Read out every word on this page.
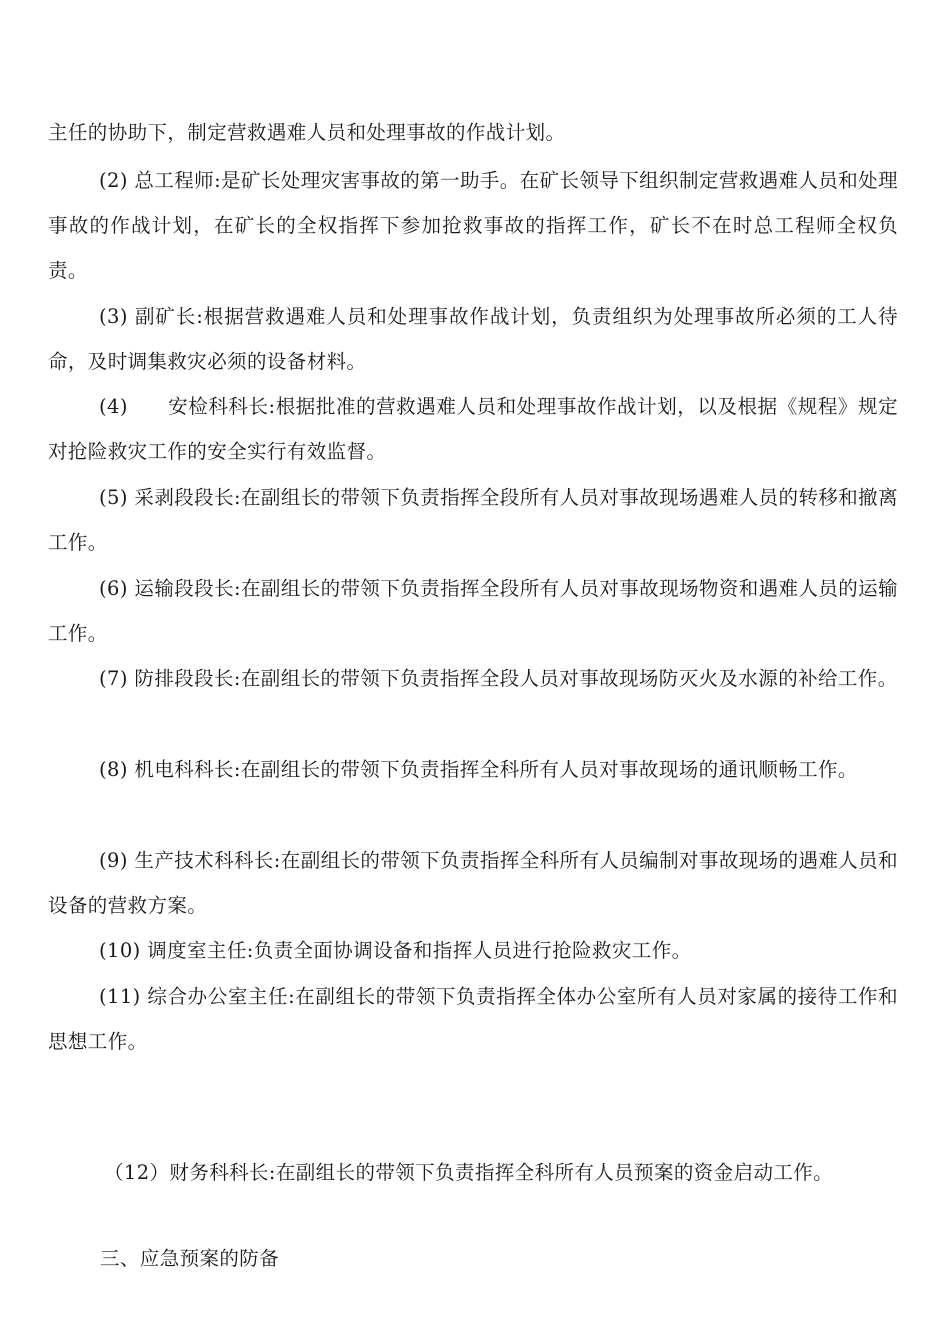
主任的协助下，制定营救遇难人员和处理事故的作战计划。

(2) 总工程师:是矿长处理灾害事故的第一助手。在矿长领导下组织制定营救遇难人员和处理事故的作战计划，在矿长的全权指挥下参加抢救事故的指挥工作，矿长不在时总工程师全权负责。

(3) 副矿长:根据营救遇难人员和处理事故作战计划，负责组织为处理事故所必须的工人待命，及时调集救灾必须的设备材料。

(4)　　安检科科长:根据批准的营救遇难人员和处理事故作战计划，以及根据《规程》规定对抢险救灾工作的安全实行有效监督。

(5) 采剥段段长:在副组长的带领下负责指挥全段所有人员对事故现场遇难人员的转移和撤离工作。

(6) 运输段段长:在副组长的带领下负责指挥全段所有人员对事故现场物资和遇难人员的运输工作。

(7) 防排段段长:在副组长的带领下负责指挥全段人员对事故现场防灭火及水源的补给工作。

(8) 机电科科长:在副组长的带领下负责指挥全科所有人员对事故现场的通讯顺畅工作。

(9) 生产技术科科长:在副组长的带领下负责指挥全科所有人员编制对事故现场的遇难人员和设备的营救方案。

(10) 调度室主任:负责全面协调设备和指挥人员进行抢险救灾工作。

(11) 综合办公室主任:在副组长的带领下负责指挥全体办公室所有人员对家属的接待工作和思想工作。

（12）财务科科长:在副组长的带领下负责指挥全科所有人员预案的资金启动工作。

三、应急预案的防备
